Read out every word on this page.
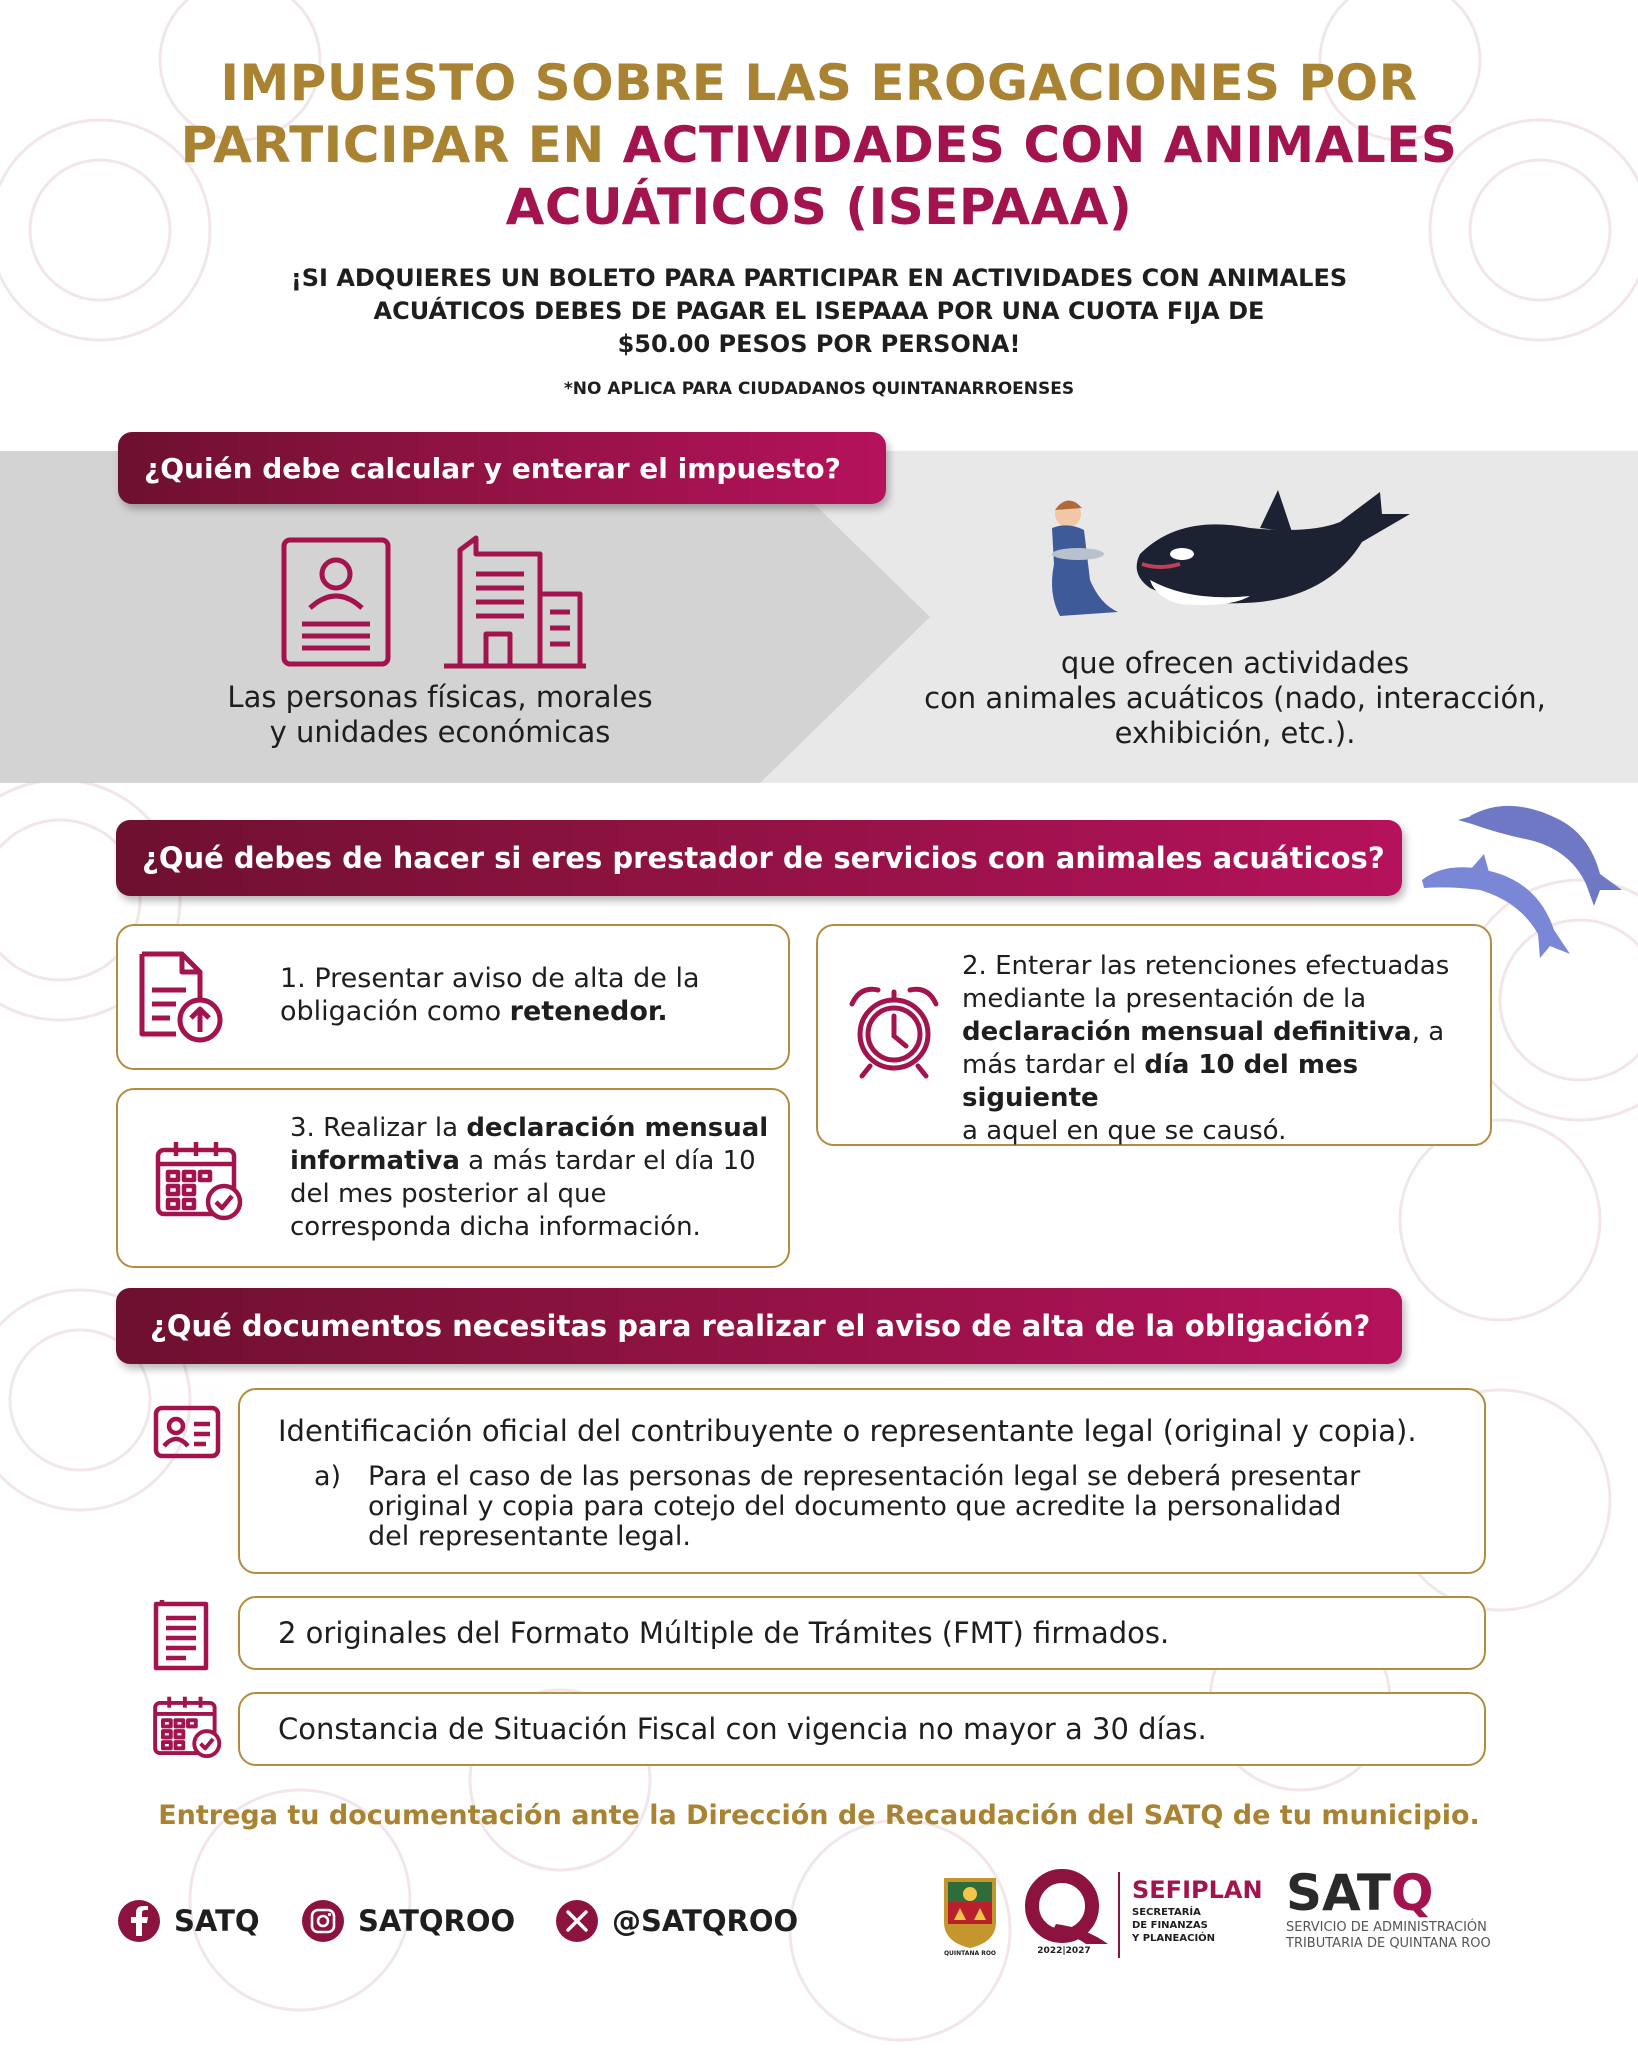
IMPUESTO SOBRE LAS EROGACIONES POR
PARTICIPAR EN ACTIVIDADES CON ANIMALES
ACUÁTICOS (ISEPAAA)
¡SI ADQUIERES UN BOLETO PARA PARTICIPAR EN ACTIVIDADES CON ANIMALES
ACUÁTICOS DEBES DE PAGAR EL ISEPAAA POR UNA CUOTA FIJA DE
$50.00 PESOS POR PERSONA!
*NO APLICA PARA CIUDADANOS QUINTANARROENSES
¿Quién debe calcular y enterar el impuesto?
Las personas físicas, morales
y unidades económicas
que ofrecen actividades
con animales acuáticos (nado, interacción,
exhibición, etc.).
¿Qué debes de hacer si eres prestador de servicios con animales acuáticos?
1. Presentar aviso de alta de la
obligación como retenedor.
2. Enterar las retenciones efectuadas
mediante la presentación de la
declaración mensual definitiva, a
más tardar el día 10 del mes siguiente
a aquel en que se causó.
3. Realizar la declaración mensual
informativa a más tardar el día 10
del mes posterior al que
corresponda dicha información.
¿Qué documentos necesitas para realizar el aviso de alta de la obligación?
Identificación oficial del contribuyente o representante legal (original y copia).
a) Para el caso de las personas de representación legal se deberá presentar
original y copia para cotejo del documento que acredite la personalidad
del representante legal.
2 originales del Formato Múltiple de Trámites (FMT) firmados.
Constancia de Situación Fiscal con vigencia no mayor a 30 días.
Entrega tu documentación ante la Dirección de Recaudación del SATQ de tu municipio.
SATQ	SATQROO	@SATQROO
QUINTANA ROO	2022|2027
SEFIPLAN
SECRETARÍA
DE FINANZAS
Y PLANEACIÓN
SATQ
SERVICIO DE ADMINISTRACIÓN
TRIBUTARIA DE QUINTANA ROO
